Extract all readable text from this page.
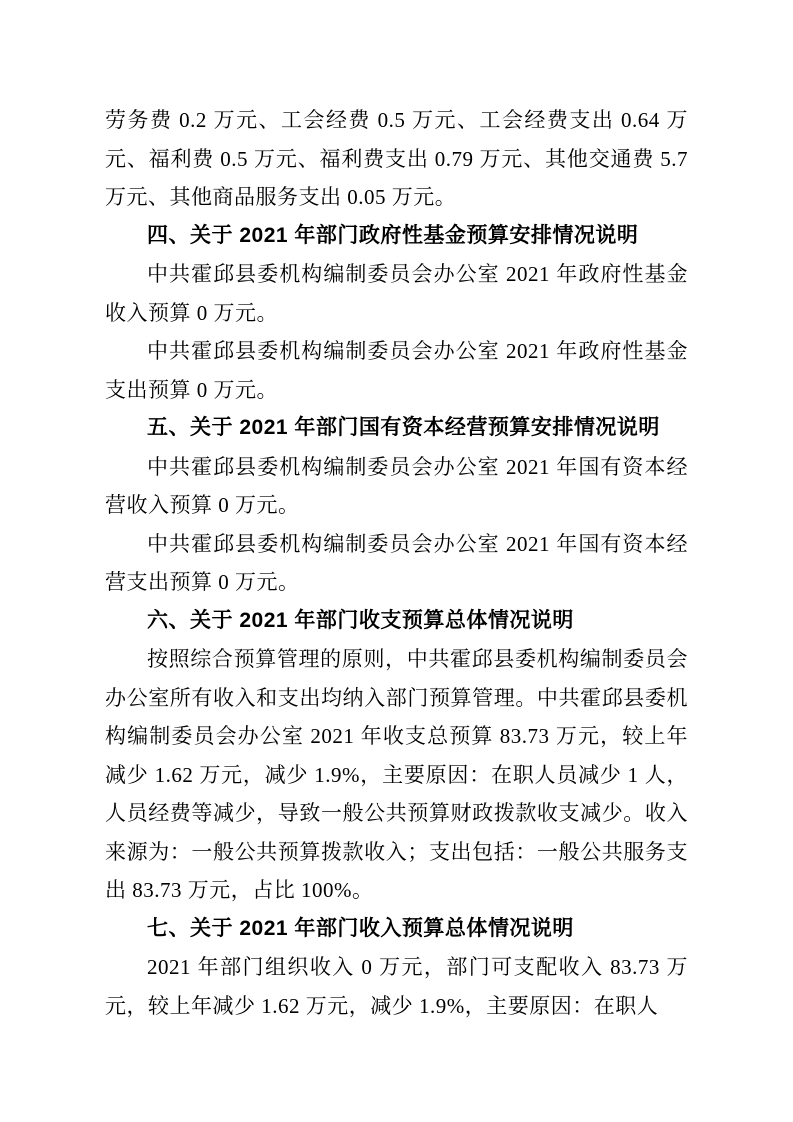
劳务费 0.2 万元、工会经费 0.5 万元、工会经费支出 0.64 万元、福利费 0.5 万元、福利费支出 0.79 万元、其他交通费 5.7 万元、其他商品服务支出 0.05 万元。

四、关于 2021 年部门政府性基金预算安排情况说明

中共霍邱县委机构编制委员会办公室 2021 年政府性基金收入预算 0 万元。

中共霍邱县委机构编制委员会办公室 2021 年政府性基金支出预算 0 万元。

五、关于 2021 年部门国有资本经营预算安排情况说明

中共霍邱县委机构编制委员会办公室 2021 年国有资本经营收入预算 0 万元。

中共霍邱县委机构编制委员会办公室 2021 年国有资本经营支出预算 0 万元。

六、关于 2021 年部门收支预算总体情况说明

按照综合预算管理的原则，中共霍邱县委机构编制委员会办公室所有收入和支出均纳入部门预算管理。中共霍邱县委机构编制委员会办公室 2021 年收支总预算 83.73 万元，较上年减少 1.62 万元，减少 1.9%，主要原因：在职人员减少 1 人，人员经费等减少，导致一般公共预算财政拨款收支减少。收入来源为：一般公共预算拨款收入；支出包括：一般公共服务支出 83.73 万元，占比 100%。

七、关于 2021 年部门收入预算总体情况说明

2021 年部门组织收入 0 万元，部门可支配收入 83.73 万元，较上年减少 1.62 万元，减少 1.9%，主要原因：在职人
